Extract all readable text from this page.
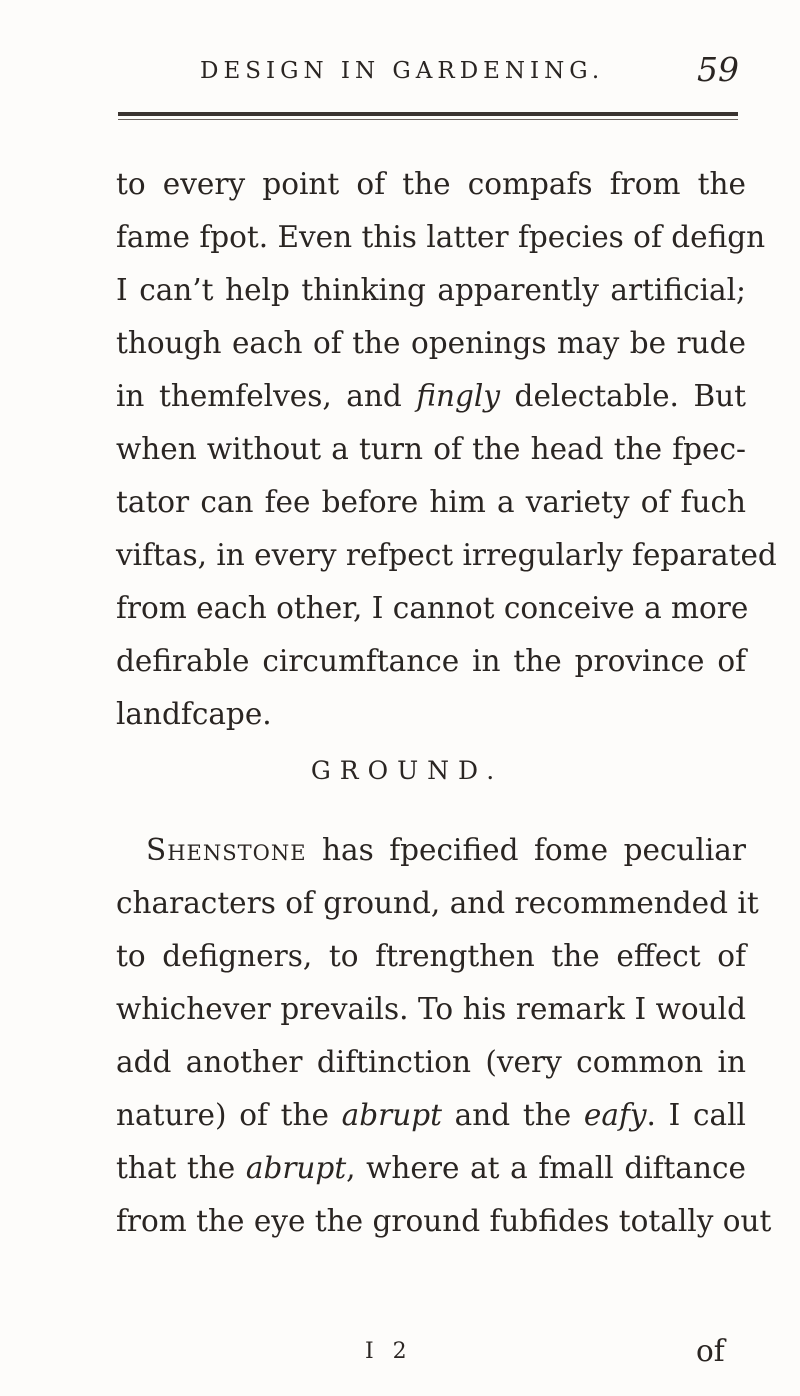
DESIGN IN GARDENING.	59
to every point of the compafs from the
fame fpot. Even this latter fpecies of defign
I can’t help thinking apparently artificial;
though each of the openings may be rude
in themfelves, and fingly delectable. But
when without a turn of the head the fpec-
tator can fee before him a variety of fuch
viftas, in every refpect irregularly feparated
from each other, I cannot conceive a more
defirable circumftance in the province of
landfcape.
GROUND.
Shenstone has fpecified fome peculiar
characters of ground, and recommended it
to defigners, to ftrengthen the effect of
whichever prevails. To his remark I would
add another diftinction (very common in
nature) of the abrupt and the eafy. I call
that the abrupt, where at a fmall diftance
from the eye the ground fubfides totally out
I 2	of
